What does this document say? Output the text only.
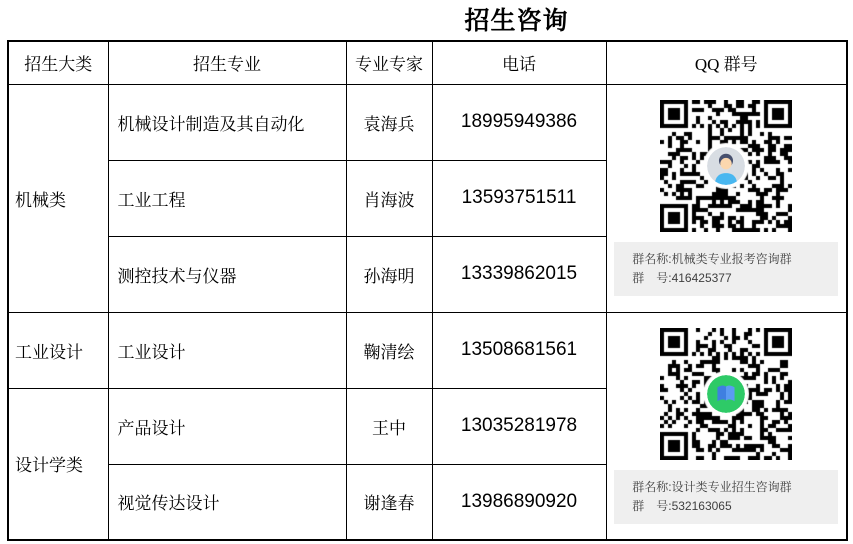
招生咨询
招生大类	招生专业	专业专家	电话	QQ 群号
机械类	机械设计制造及其自动化	袁海兵	18995949386	群名称:机械类专业报考咨询群
群　号:416425377

	工业工程	肖海波	13593751511	
	测控技术与仪器	孙海明	13339862015	
工业设计	工业设计	鞠清绘	13508681561	群名称:设计类专业招生咨询群
群　号:532163065

设计学类	产品设计	王中	13035281978	
	视觉传达设计	谢逢春	13986890920	
